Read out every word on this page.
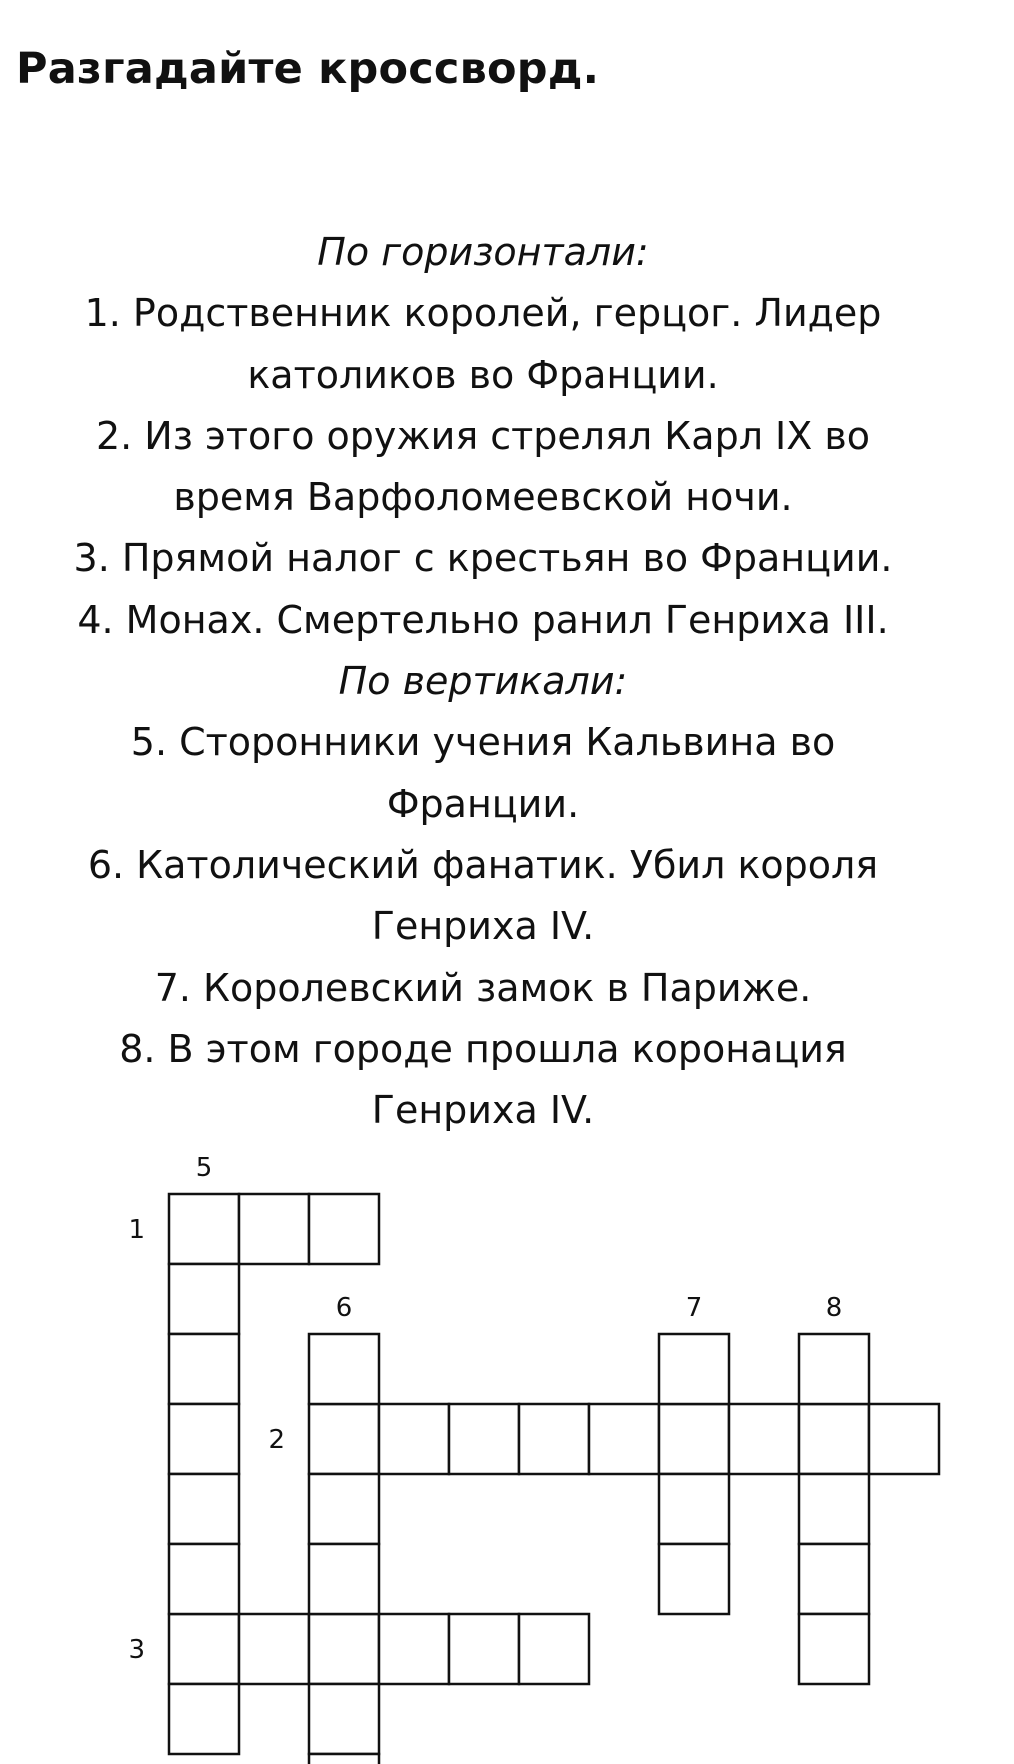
Разгадайте кроссворд.

По горизонтали:

1. Родственник королей, герцог. Лидер

католиков во Франции.

2. Из этого оружия стрелял Карл IX во

время Варфоломеевской ночи.

3. Прямой налог с крестьян во Франции.

4. Монах. Смертельно ранил Генриха III.

По вертикали:

5. Сторонники учения Кальвина во

Франции.

6. Католический фанатик. Убил короля

Генриха IV.

7. Королевский замок в Париже.

8. В этом городе прошла коронация

Генриха IV.

1
2
3
5
6	7	8
